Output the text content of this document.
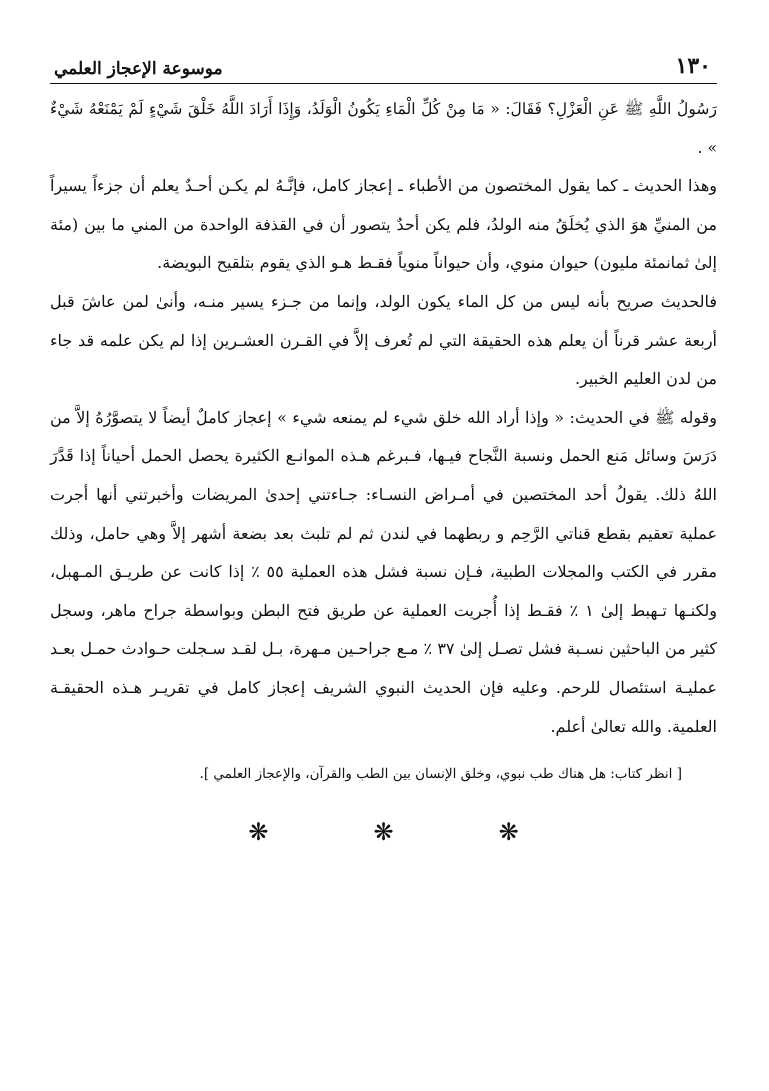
١٣٠
موسوعة الإعجاز العلمي

رَسُولُ اللَّهِ ﷺ عَنِ الْعَزْلِ؟ فَقَالَ: « مَا مِنْ كُلِّ الْمَاءِ يَكُونُ الْوَلَدُ، وَإِذَا أَرَادَ اللَّهُ خَلْقَ شَيْءٍ لَمْ يَمْنَعْهُ شَيْءٌ » .

وهذا الحديث ـ كما يقول المختصون من الأطباء ـ إعجاز كامل، فإنَّـهُ لم يكـن أحـدٌ يعلم أن جزءاً يسيراً من المنيِّ هوَ الذي يُخلَقُ منه الولدُ، فلم يكن أحدٌ يتصور أن في القذفة الواحدة من المني ما بين (مئة إلىٰ ثمانمئة مليون) حيوان منوي، وأن حيواناً منوياً فقـط هـو الذي يقوم بتلقيح البويضة.

فالحديث صريح بأنه ليس من كل الماء يكون الولد، وإنما من جـزء يسير منـه، وأنىٰ لمن عاشَ قبل أربعة عشر قرناً أن يعلم هذه الحقيقة التي لم تُعرف إلاَّ في القـرن العشـرين إذا لم يكن علمه قد جاء من لدن العليم الخبير.

وقوله ﷺ في الحديث: « وإذا أراد الله خلق شيء لم يمنعه شيء » إعجاز كاملٌ أيضاً لا يتصوَّرُهُ إلاَّ من دَرَسَ وسائل مَنع الحمل ونسبة النَّجاح فيـها، فـبرغم هـذه الموانـع الكثيرة يحصل الحمل أحياناً إذا قَدَّرَ اللهُ ذلك. يقولُ أحد المختصين في أمـراض النسـاء: جـاءتني إحدىٰ المريضات وأخبرتني أنها أجرت عملية تعقيم بقطع قناتي الرَّحِم و ربطهما في لندن ثم لم تلبث بعد بضعة أشهر إلاَّ وهي حامل، وذلك مقرر في الكتب والمجلات الطبية، فـإن نسبة فشل هذه العملية ٥٥ ٪ إذا كانت عن طريـق المـهبل، ولكنـها تـهبط إلىٰ ١ ٪ فقـط إذا أُجريت العملية عن طريق فتح البطن وبواسطة جراح ماهر، وسجل كثير من الباحثين نسـبة فشل تصـل إلىٰ ٣٧ ٪ مـع جراحـين مـهرة، بـل لقـد سـجلت حـوادث حمـل بعـد عمليـة استئصال للرحم. وعليه فإن الحديث النبوي الشريف إعجاز كامل في تقريـر هـذه الحقيقـة العلمية. والله تعالىٰ أعلم.

[ انظر كتاب: هل هناك طب نبوي، وخلق الإنسان بين الطب والقرآن، والإعجاز العلمي ].
❋
❋
❋
